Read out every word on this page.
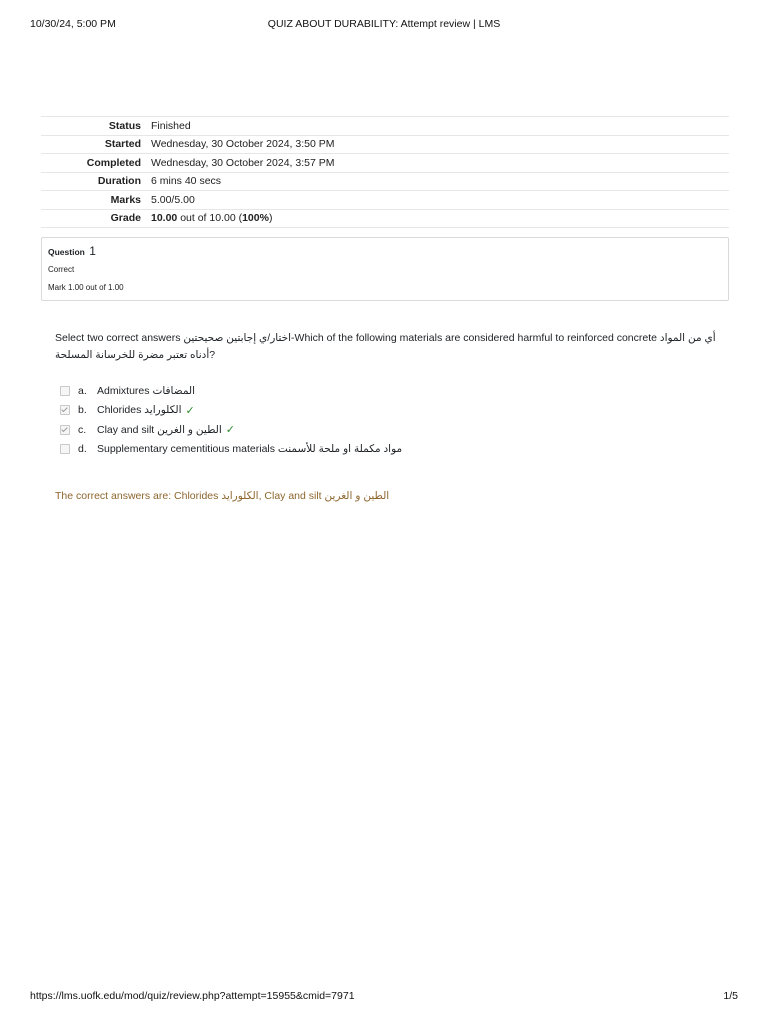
10/30/24, 5:00 PM	QUIZ ABOUT DURABILITY: Attempt review | LMS
Status	Finished
Started	Wednesday, 30 October 2024, 3:50 PM
Completed	Wednesday, 30 October 2024, 3:57 PM
Duration	6 mins 40 secs
Marks	5.00/5.00
Grade	10.00 out of 10.00 (100%)
Question 1
Correct
Mark 1.00 out of 1.00
Select two correct answers اختار/ي إجابتين صحيحتين-Which of the following materials are considered harmful to reinforced concrete أي من المواد أدناه تعتبر مضرة للخرسانة المسلحة?
a. Admixtures المضافات
b. Chlorides الكلورايد ✓
c.	Clay and silt الطين و الغرين ✓
d. Supplementary cementitious materials مواد مكملة او ملحة للأسمنت
The correct answers are: Chlorides الكلورايد, Clay and silt الطين و الغرين
https://lms.uofk.edu/mod/quiz/review.php?attempt=15955&cmid=7971	1/5
